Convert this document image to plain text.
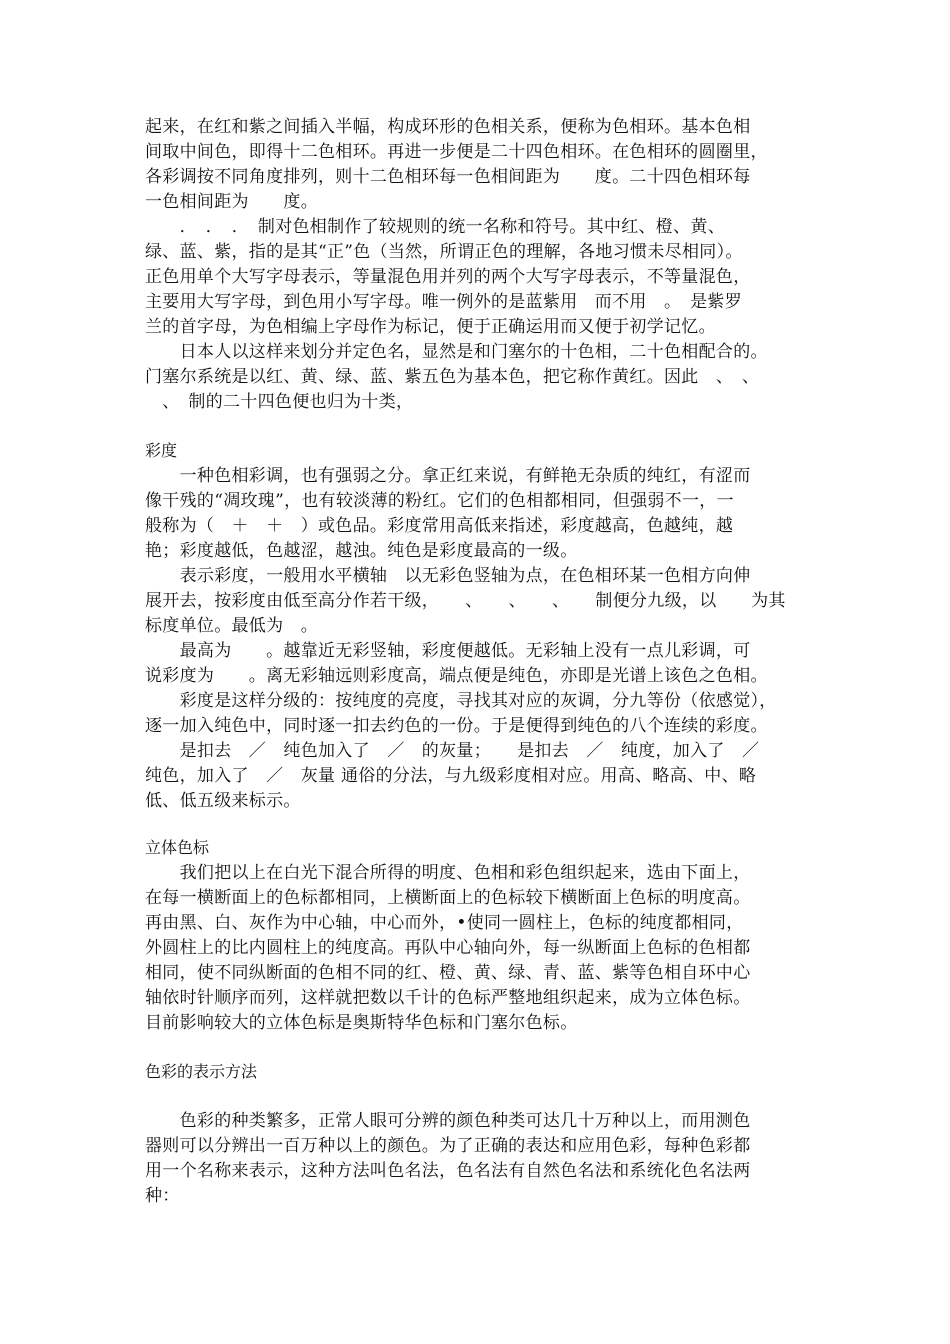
起来，在红和紫之间插入半幅，构成环形的色相关系，便称为色相环。基本色相
间取中间色，即得十二色相环。再进一步便是二十四色相环。在色相环的圆圈里，
各彩调按不同角度排列，则十二色相环每一色相间距为　　度。二十四色相环每
一色相间距为　　度。
　　．　．　．　制对色相制作了较规则的统一名称和符号。其中红、橙、黄、
绿、蓝、紫，指的是其“正”色（当然，所谓正色的理解，各地习惯未尽相同）。
正色用单个大写字母表示，等量混色用并列的两个大写字母表示，不等量混色，
主要用大写字母，到色用小写字母。唯一例外的是蓝紫用　而不用　。　是紫罗
兰的首字母，为色相编上字母作为标记，便于正确运用而又便于初学记忆。
　　日本人以这样来划分并定色名，显然是和门塞尔的十色相，二十色相配合的。
门塞尔系统是以红、黄、绿、蓝、紫五色为基本色，把它称作黄红。因此　、　、
　、　制的二十四色便也归为十类，
彩度
　　一种色相彩调，也有强弱之分。拿正红来说，有鲜艳无杂质的纯红，有涩而
像干残的“凋玫瑰”，也有较淡薄的粉红。它们的色相都相同，但强弱不一，一
般称为（　＋　＋　）或色品。彩度常用高低来指述，彩度越高，色越纯，越
艳；彩度越低，色越涩，越浊。纯色是彩度最高的一级。
　　表示彩度，一般用水平横轴　以无彩色竖轴为点，在色相环某一色相方向伸
展开去，按彩度由低至高分作若干级，　　、　　、　　、　　制便分九级，以　　为其
标度单位。最低为　。
　　最高为　　。越靠近无彩竖轴，彩度便越低。无彩轴上没有一点儿彩调，可
说彩度为　　。离无彩轴远则彩度高，端点便是纯色，亦即是光谱上该色之色相。
　　彩度是这样分级的：按纯度的亮度，寻找其对应的灰调，分九等份（依感觉），
逐一加入纯色中，同时逐一扣去约色的一份。于是便得到纯色的八个连续的彩度。
　　是扣去　／　纯色加入了　／　的灰量；　　是扣去　／　纯度，加入了　／
纯色，加入了　／　灰量 通俗的分法，与九级彩度相对应。用高、略高、中、略
低、低五级来标示。
立体色标
　　我们把以上在白光下混合所得的明度、色相和彩色组织起来，选由下面上，
在每一横断面上的色标都相同，上横断面上的色标较下横断面上色标的明度高。
再由黑、白、灰作为中心轴，中心而外，•使同一圆柱上，色标的纯度都相同，
外圆柱上的比内圆柱上的纯度高。再队中心轴向外，每一纵断面上色标的色相都
相同，使不同纵断面的色相不同的红、橙、黄、绿、青、蓝、紫等色相自环中心
轴依时针顺序而列，这样就把数以千计的色标严整地组织起来，成为立体色标。
目前影响较大的立体色标是奥斯特华色标和门塞尔色标。
色彩的表示方法
　　色彩的种类繁多，正常人眼可分辨的颜色种类可达几十万种以上，而用测色
器则可以分辨出一百万种以上的颜色。为了正确的表达和应用色彩，每种色彩都
用一个名称来表示，这种方法叫色名法，色名法有自然色名法和系统化色名法两
种：
